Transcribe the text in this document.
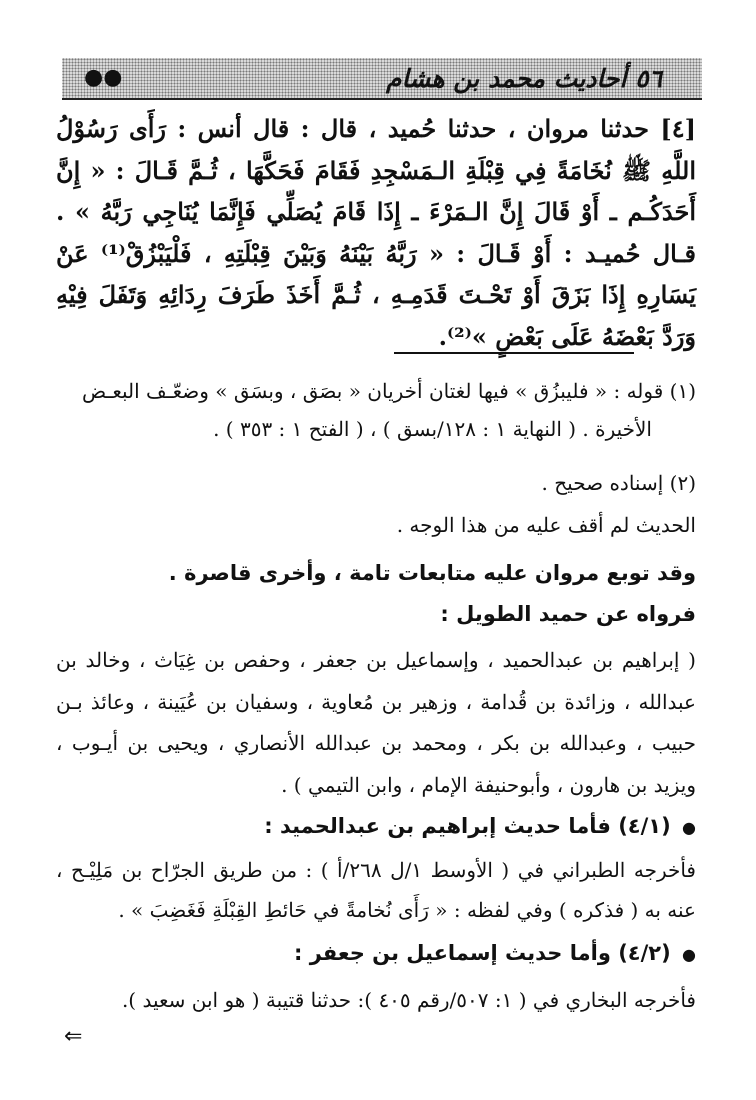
٥٦ أحاديث محمد بن هشام
●●
[٤] حدثنا مروان ، حدثنا حُميد ، قال : قال أنس : رَأَى رَسُوْلُ اللَّهِ ﷺ نُخَامَةً فِي قِبْلَةِ الـمَسْجِدِ فَقَامَ فَحَكَّهَا ، ثُـمَّ قَـالَ : « إِنَّ أَحَدَكُـم ـ أَوْ قَالَ إِنَّ الـمَرْءَ ـ إِذَا قَامَ يُصَلِّي فَإِنَّمَا يُنَاجِي رَبَّهُ » . قـال حُميـد : أَوْ قَـالَ : « رَبَّهُ بَيْنَهُ وَبَيْنَ قِبْلَتِهِ ، فَلْيَبْزُقْ⁽¹⁾ عَنْ يَسَارِهِ إِذَا بَزَقَ أَوْ تَحْـتَ قَدَمِـهِ ، ثُـمَّ أَخَذَ طَرَفَ رِدَائِهِ وَتَفَلَ فِيْهِ وَرَدَّ بَعْضَهُ عَلَى بَعْضٍ »⁽²⁾.
(١) قوله : « فليبزُق » فيها لغتان أخريان « بصَق ، وبسَق » وضعّـف البعـض
الأخيرة . ( النهاية ١ : ١٢٨/بسق ) ، ( الفتح ١ : ٣٥٣ ) .
(٢) إسناده صحيح .
الحديث لم أقف عليه من هذا الوجه .
وقد توبع مروان عليه متابعات تامة ، وأخرى قاصرة .
فرواه عن حميد الطويل :
( إبراهيم بن عبدالحميد ، وإسماعيل بن جعفر ، وحفص بن غِيَاث ، وخالد بن عبدالله ، وزائدة بن قُدامة ، وزهير بن مُعاوية ، وسفيان بن عُيَينة ، وعائذ بـن حبيب ، وعبدالله بن بكر ، ومحمد بن عبدالله الأنصاري ، ويحيى بن أيـوب ، ويزيد بن هارون ، وأبوحنيفة الإمام ، وابن التيمي ) .
● (٤/١) فأما حديث إبراهيم بن عبدالحميد :
فأخرجه الطبراني في ( الأوسط ١/ل ٢٦٨/أ ) : من طريق الجرّاح بن مَلِيْـح ، عنه به ( فذكره ) وفي لفظه : « رَأَى نُخامةً في حَائطِ القِبْلَةِ فَغَضِبَ » .
● (٤/٢) وأما حديث إسماعيل بن جعفر :
فأخرجه البخاري في ( ١: ٥٠٧/رقم ٤٠٥ ): حدثنا قتيبة ( هو ابن سعيد ).
⇐
